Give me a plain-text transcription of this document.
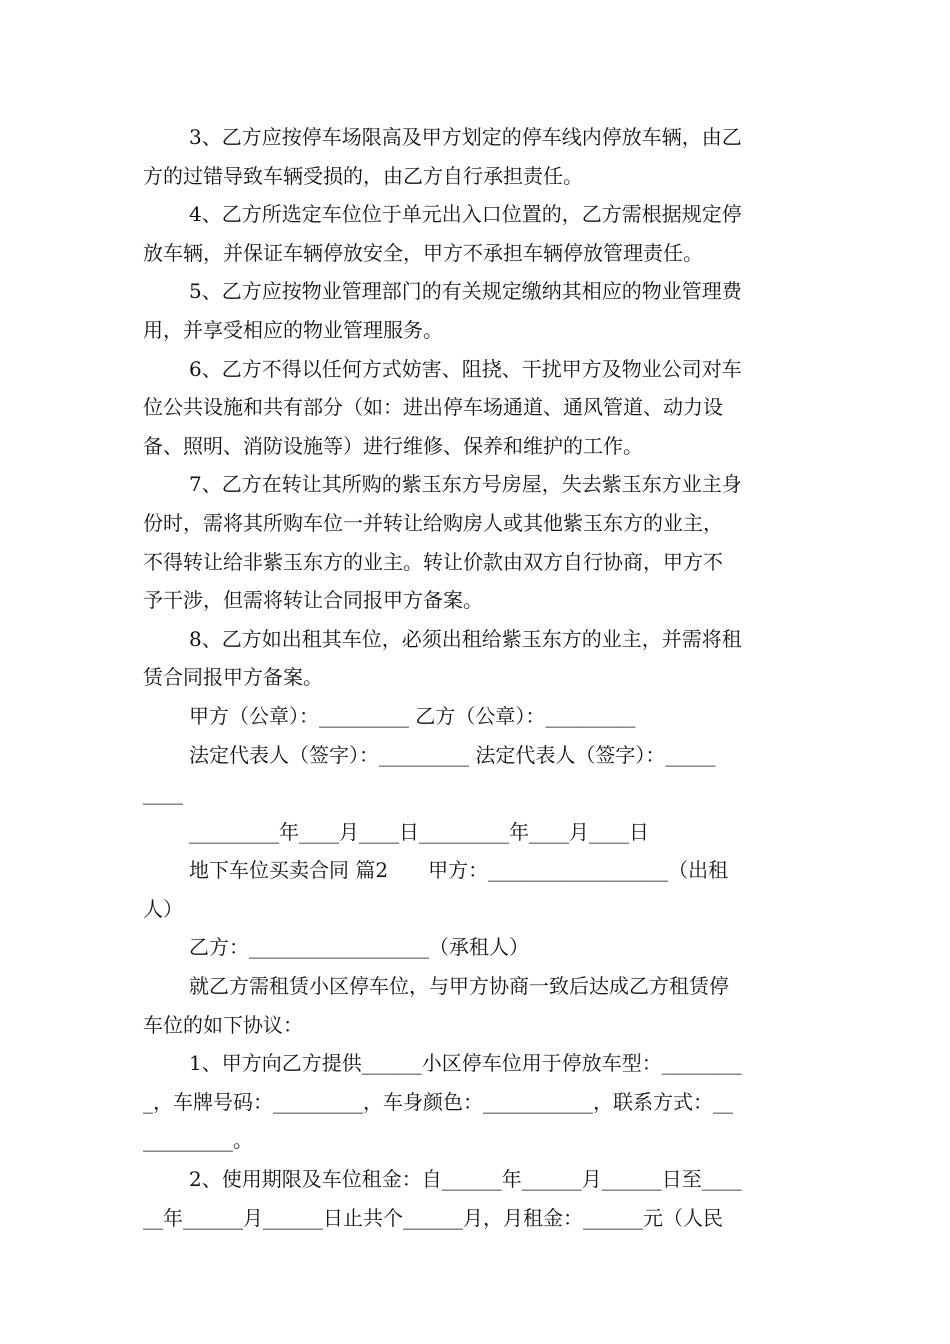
3、乙方应按停车场限高及甲方划定的停车线内停放车辆，由乙
方的过错导致车辆受损的，由乙方自行承担责任。
4、乙方所选定车位位于单元出入口位置的，乙方需根据规定停
放车辆，并保证车辆停放安全，甲方不承担车辆停放管理责任。
5、乙方应按物业管理部门的有关规定缴纳其相应的物业管理费
用，并享受相应的物业管理服务。
6、乙方不得以任何方式妨害、阻挠、干扰甲方及物业公司对车
位公共设施和共有部分（如：进出停车场通道、通风管道、动力设
备、照明、消防设施等）进行维修、保养和维护的工作。
7、乙方在转让其所购的紫玉东方号房屋，失去紫玉东方业主身
份时，需将其所购车位一并转让给购房人或其他紫玉东方的业主，
不得转让给非紫玉东方的业主。转让价款由双方自行协商，甲方不
予干涉，但需将转让合同报甲方备案。
8、乙方如出租其车位，必须出租给紫玉东方的业主，并需将租
赁合同报甲方备案。
甲方（公章）：_________ 乙方（公章）：_________
法定代表人（签字）：_________ 法定代表人（签字）：_____
____
_________年____月____日_________年____月____日
地下车位买卖合同 篇2　　甲方：__________________（出租
人）
乙方：__________________（承租人）
就乙方需租赁小区停车位，与甲方协商一致后达成乙方租赁停
车位的如下协议：
1、甲方向乙方提供______小区停车位用于停放车型：________
_，车牌号码：_________，车身颜色：___________，联系方式：__
_________。
2、使用期限及车位租金：自______年______月______日至____
__年______月______日止共个______月，月租金：______元（人民
